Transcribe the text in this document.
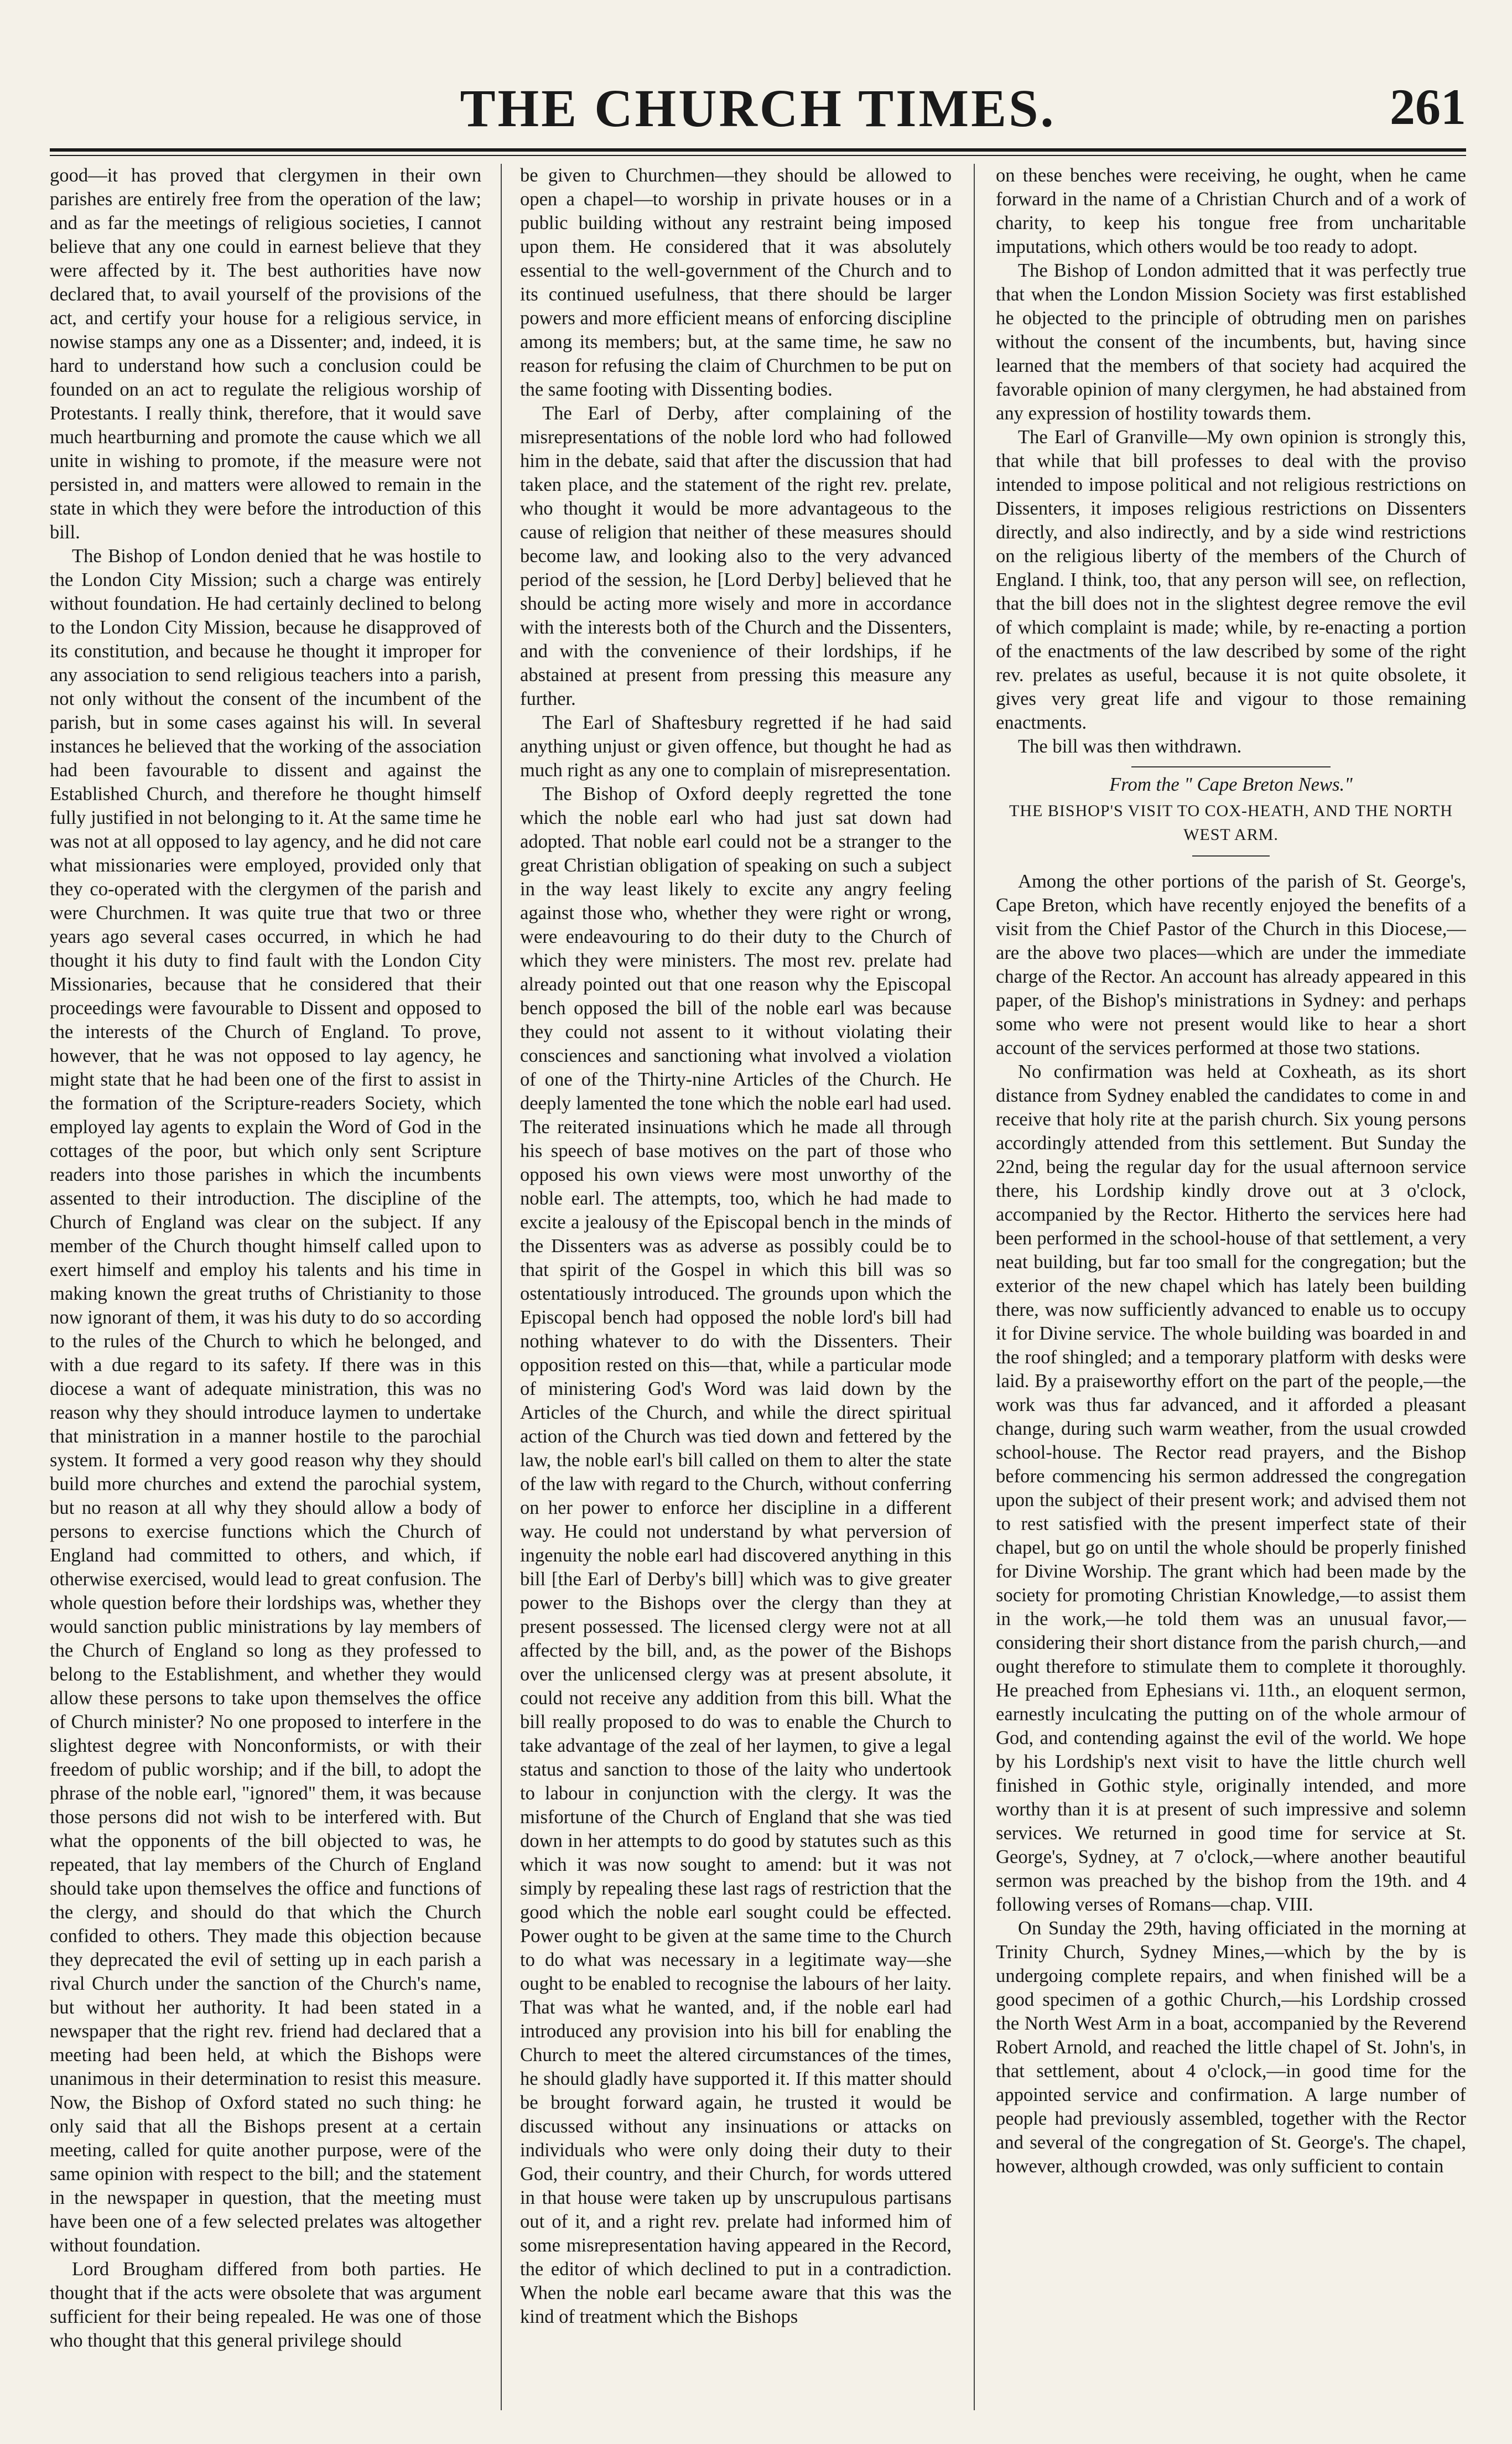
THE CHURCH TIMES.	261

good—it has proved that clergymen in their own parishes are entirely free from the operation of the law; and as far the meetings of religious societies, I cannot believe that any one could in earnest believe that they were affected by it. The best authorities have now declared that, to avail yourself of the provisions of the act, and certify your house for a religious service, in nowise stamps any one as a Dissenter; and, indeed, it is hard to understand how such a conclusion could be founded on an act to regulate the religious worship of Protestants. I really think, therefore, that it would save much heartburning and promote the cause which we all unite in wishing to promote, if the measure were not persisted in, and matters were allowed to remain in the state in which they were before the introduction of this bill.

The Bishop of London denied that he was hostile to the London City Mission; such a charge was entirely without foundation. He had certainly declined to belong to the London City Mission, because he disapproved of its constitution, and because he thought it improper for any association to send religious teachers into a parish, not only without the consent of the incumbent of the parish, but in some cases against his will. In several instances he believed that the working of the association had been favourable to dissent and against the Established Church, and therefore he thought himself fully justified in not belonging to it. At the same time he was not at all opposed to lay agency, and he did not care what missionaries were employed, provided only that they co-operated with the clergymen of the parish and were Churchmen. It was quite true that two or three years ago several cases occurred, in which he had thought it his duty to find fault with the London City Missionaries, because that he considered that their proceedings were favourable to Dissent and opposed to the interests of the Church of England. To prove, however, that he was not opposed to lay agency, he might state that he had been one of the first to assist in the formation of the Scripture-readers Society, which employed lay agents to explain the Word of God in the cottages of the poor, but which only sent Scripture readers into those parishes in which the incumbents assented to their introduction. The discipline of the Church of England was clear on the subject. If any member of the Church thought himself called upon to exert himself and employ his talents and his time in making known the great truths of Christianity to those now ignorant of them, it was his duty to do so according to the rules of the Church to which he belonged, and with a due regard to its safety. If there was in this diocese a want of adequate ministration, this was no reason why they should introduce laymen to undertake that ministration in a manner hostile to the parochial system. It formed a very good reason why they should build more churches and extend the parochial system, but no reason at all why they should allow a body of persons to exercise functions which the Church of England had committed to others, and which, if otherwise exercised, would lead to great confusion. The whole question before their lordships was, whether they would sanction public ministrations by lay members of the Church of England so long as they professed to belong to the Establishment, and whether they would allow these persons to take upon themselves the office of Church minister? No one proposed to interfere in the slightest degree with Nonconformists, or with their freedom of public worship; and if the bill, to adopt the phrase of the noble earl, "ignored" them, it was because those persons did not wish to be interfered with. But what the opponents of the bill objected to was, he repeated, that lay members of the Church of England should take upon themselves the office and functions of the clergy, and should do that which the Church confided to others. They made this objection because they deprecated the evil of setting up in each parish a rival Church under the sanction of the Church's name, but without her authority. It had been stated in a newspaper that the right rev. friend had declared that a meeting had been held, at which the Bishops were unanimous in their determination to resist this measure. Now, the Bishop of Oxford stated no such thing: he only said that all the Bishops present at a certain meeting, called for quite another purpose, were of the same opinion with respect to the bill; and the statement in the newspaper in question, that the meeting must have been one of a few selected prelates was altogether without foundation.

Lord Brougham differed from both parties. He thought that if the acts were obsolete that was argument sufficient for their being repealed. He was one of those who thought that this general privilege should

be given to Churchmen—they should be allowed to open a chapel—to worship in private houses or in a public building without any restraint being imposed upon them. He considered that it was absolutely essential to the well-government of the Church and to its continued usefulness, that there should be larger powers and more efficient means of enforcing discipline among its members; but, at the same time, he saw no reason for refusing the claim of Churchmen to be put on the same footing with Dissenting bodies.

The Earl of Derby, after complaining of the misrepresentations of the noble lord who had followed him in the debate, said that after the discussion that had taken place, and the statement of the right rev. prelate, who thought it would be more advantageous to the cause of religion that neither of these measures should become law, and looking also to the very advanced period of the session, he [Lord Derby] believed that he should be acting more wisely and more in accordance with the interests both of the Church and the Dissenters, and with the convenience of their lordships, if he abstained at present from pressing this measure any further.

The Earl of Shaftesbury regretted if he had said anything unjust or given offence, but thought he had as much right as any one to complain of misrepresentation.

The Bishop of Oxford deeply regretted the tone which the noble earl who had just sat down had adopted. That noble earl could not be a stranger to the great Christian obligation of speaking on such a subject in the way least likely to excite any angry feeling against those who, whether they were right or wrong, were endeavouring to do their duty to the Church of which they were ministers. The most rev. prelate had already pointed out that one reason why the Episcopal bench opposed the bill of the noble earl was because they could not assent to it without violating their consciences and sanctioning what involved a violation of one of the Thirty-nine Articles of the Church. He deeply lamented the tone which the noble earl had used. The reiterated insinuations which he made all through his speech of base motives on the part of those who opposed his own views were most unworthy of the noble earl. The attempts, too, which he had made to excite a jealousy of the Episcopal bench in the minds of the Dissenters was as adverse as possibly could be to that spirit of the Gospel in which this bill was so ostentatiously introduced. The grounds upon which the Episcopal bench had opposed the noble lord's bill had nothing whatever to do with the Dissenters. Their opposition rested on this—that, while a particular mode of ministering God's Word was laid down by the Articles of the Church, and while the direct spiritual action of the Church was tied down and fettered by the law, the noble earl's bill called on them to alter the state of the law with regard to the Church, without conferring on her power to enforce her discipline in a different way. He could not understand by what perversion of ingenuity the noble earl had discovered anything in this bill [the Earl of Derby's bill] which was to give greater power to the Bishops over the clergy than they at present possessed. The licensed clergy were not at all affected by the bill, and, as the power of the Bishops over the unlicensed clergy was at present absolute, it could not receive any addition from this bill. What the bill really proposed to do was to enable the Church to take advantage of the zeal of her laymen, to give a legal status and sanction to those of the laity who undertook to labour in conjunction with the clergy. It was the misfortune of the Church of England that she was tied down in her attempts to do good by statutes such as this which it was now sought to amend: but it was not simply by repealing these last rags of restriction that the good which the noble earl sought could be effected. Power ought to be given at the same time to the Church to do what was necessary in a legitimate way—she ought to be enabled to recognise the labours of her laity. That was what he wanted, and, if the noble earl had introduced any provision into his bill for enabling the Church to meet the altered circumstances of the times, he should gladly have supported it. If this matter should be brought forward again, he trusted it would be discussed without any insinuations or attacks on individuals who were only doing their duty to their God, their country, and their Church, for words uttered in that house were taken up by unscrupulous partisans out of it, and a right rev. prelate had informed him of some misrepresentation having appeared in the Record, the editor of which declined to put in a contradiction. When the noble earl became aware that this was the kind of treatment which the Bishops

on these benches were receiving, he ought, when he came forward in the name of a Christian Church and of a work of charity, to keep his tongue free from uncharitable imputations, which others would be too ready to adopt.

The Bishop of London admitted that it was perfectly true that when the London Mission Society was first established he objected to the principle of obtruding men on parishes without the consent of the incumbents, but, having since learned that the members of that society had acquired the favorable opinion of many clergymen, he had abstained from any expression of hostility towards them.

The Earl of Granville—My own opinion is strongly this, that while that bill professes to deal with the proviso intended to impose political and not religious restrictions on Dissenters, it imposes religious restrictions on Dissenters directly, and also indirectly, and by a side wind restrictions on the religious liberty of the members of the Church of England. I think, too, that any person will see, on reflection, that the bill does not in the slightest degree remove the evil of which complaint is made; while, by re-enacting a portion of the enactments of the law described by some of the right rev. prelates as useful, because it is not quite obsolete, it gives very great life and vigour to those remaining enactments.

The bill was then withdrawn.

From the " Cape Breton News."

THE BISHOP'S VISIT TO COX-HEATH, AND THE NORTH WEST ARM.

Among the other portions of the parish of St. George's, Cape Breton, which have recently enjoyed the benefits of a visit from the Chief Pastor of the Church in this Diocese,—are the above two places—which are under the immediate charge of the Rector. An account has already appeared in this paper, of the Bishop's ministrations in Sydney: and perhaps some who were not present would like to hear a short account of the services performed at those two stations.

No confirmation was held at Coxheath, as its short distance from Sydney enabled the candidates to come in and receive that holy rite at the parish church. Six young persons accordingly attended from this settlement. But Sunday the 22nd, being the regular day for the usual afternoon service there, his Lordship kindly drove out at 3 o'clock, accompanied by the Rector. Hitherto the services here had been performed in the school-house of that settlement, a very neat building, but far too small for the congregation; but the exterior of the new chapel which has lately been building there, was now sufficiently advanced to enable us to occupy it for Divine service. The whole building was boarded in and the roof shingled; and a temporary platform with desks were laid. By a praiseworthy effort on the part of the people,—the work was thus far advanced, and it afforded a pleasant change, during such warm weather, from the usual crowded school-house. The Rector read prayers, and the Bishop before commencing his sermon addressed the congregation upon the subject of their present work; and advised them not to rest satisfied with the present imperfect state of their chapel, but go on until the whole should be properly finished for Divine Worship. The grant which had been made by the society for promoting Christian Knowledge,—to assist them in the work,—he told them was an unusual favor,—considering their short distance from the parish church,—and ought therefore to stimulate them to complete it thoroughly. He preached from Ephesians vi. 11th., an eloquent sermon, earnestly inculcating the putting on of the whole armour of God, and contending against the evil of the world. We hope by his Lordship's next visit to have the little church well finished in Gothic style, originally intended, and more worthy than it is at present of such impressive and solemn services. We returned in good time for service at St. George's, Sydney, at 7 o'clock,—where another beautiful sermon was preached by the bishop from the 19th. and 4 following verses of Romans—chap. VIII.

On Sunday the 29th, having officiated in the morning at Trinity Church, Sydney Mines,—which by the by is undergoing complete repairs, and when finished will be a good specimen of a gothic Church,—his Lordship crossed the North West Arm in a boat, accompanied by the Reverend Robert Arnold, and reached the little chapel of St. John's, in that settlement, about 4 o'clock,—in good time for the appointed service and confirmation. A large number of people had previously assembled, together with the Rector and several of the congregation of St. George's. The chapel, however, although crowded, was only sufficient to contain
